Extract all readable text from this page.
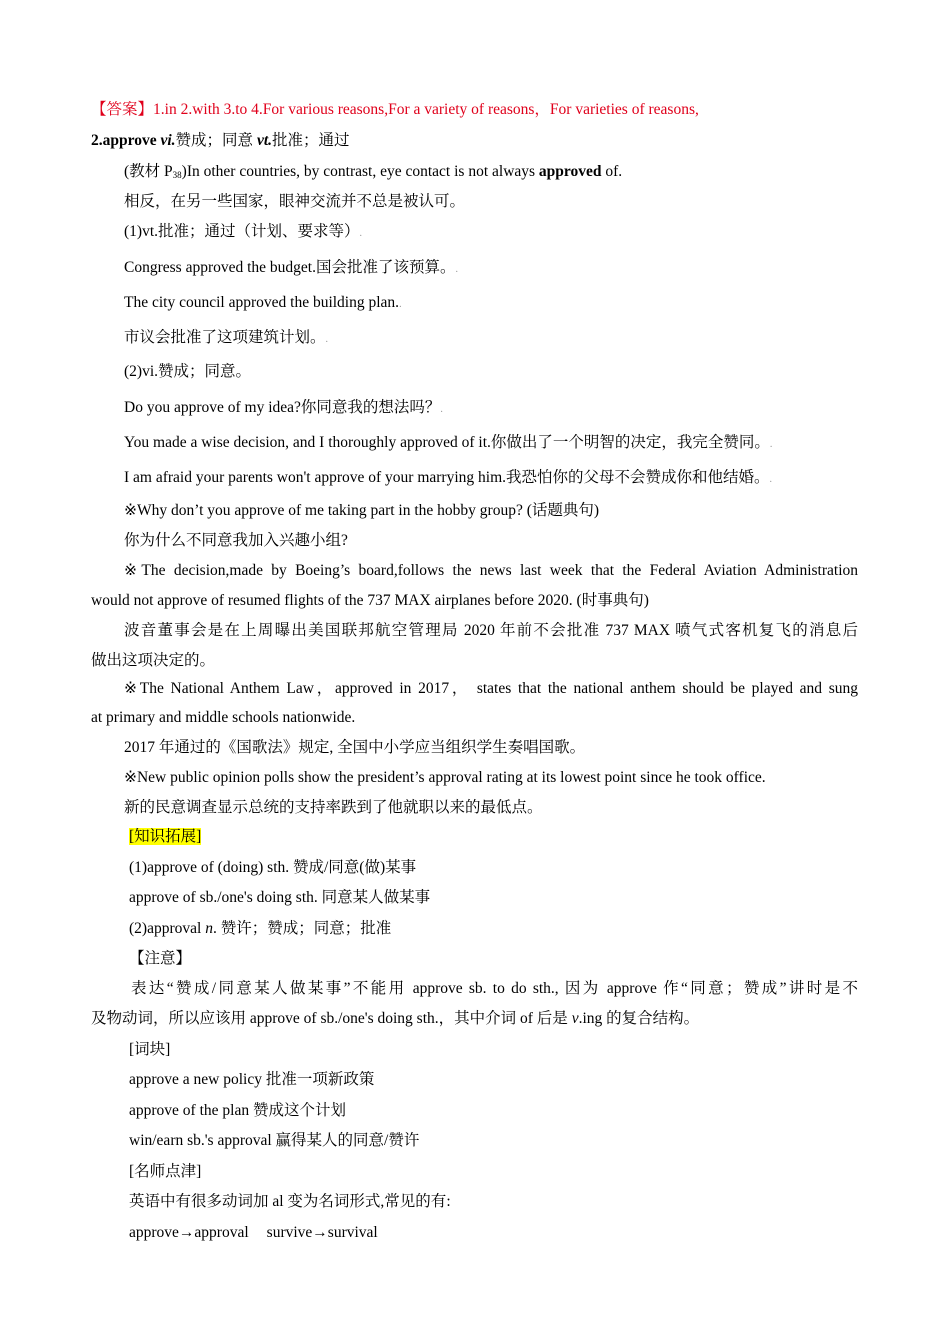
【答案】1.in 2.with 3.to 4.For various reasons,For a variety of reasons，For varieties of reasons,
2.approve vi.赞成；同意 vt.批准；通过
(教材 $P_{38})In$ other countries, by contrast, eye contact is not always approved of.
相反，在另一些国家，眼神交流并不总是被认可。
(1)vt.批准；通过（计划、要求等）.
Congress approved the budget.国会批准了该预算。.
The city council approved the building plan..
市议会批准了这项建筑计划。.
(2)vi.赞成；同意。
Do you approve of my idea?你同意我的想法吗？.
You made a wise decision, and I thoroughly approved of it.你做出了一个明智的决定，我完全赞同。.
I am afraid your parents won't approve of your marrying him.我恐怕你的父母不会赞成你和他结婚。.
※Why don’t you approve of me taking part in the hobby group? (话题典句)
你为什么不同意我加入兴趣小组?
※The decision,made by Boeing’s board,follows the news last week that the Federal Aviation Administration
would not approve of resumed flights of the 737 MAX airplanes before 2020. (时事典句)
波音董事会是在上周曝出美国联邦航空管理局 2020 年前不会批准 737 MAX 喷气式客机复飞的消息后
做出这项决定的。
※The National Anthem Law，approved in 2017， states that the national anthem should be played and sung
at primary and middle schools nationwide.
2017 年通过的《国歌法》规定, 全国中小学应当组织学生奏唱国歌。
※New public opinion polls show the president’s approval rating at its lowest point since he took office.
新的民意调查显示总统的支持率跌到了他就职以来的最低点。
[知识拓展]
(1)approve of (doing) sth. 赞成/同意(做)某事
approve of sb./one's doing sth. 同意某人做某事
(2)approval n. 赞许；赞成；同意；批准
【注意】
表达“赞成/同意某人做某事”不能用 approve sb. to do sth., 因为 approve 作“同意；赞成”讲时是不
及物动词，所以应该用 approve of sb./one's doing sth.，其中介词 of 后是 v.ing 的复合结构。
[词块]
approve a new policy 批准一项新政策
approve of the plan 赞成这个计划
win/earn sb.'s approval 赢得某人的同意/赞许
[名师点津]
英语中有很多动词加 al 变为名词形式,常见的有:
approve→approval survive→survival
